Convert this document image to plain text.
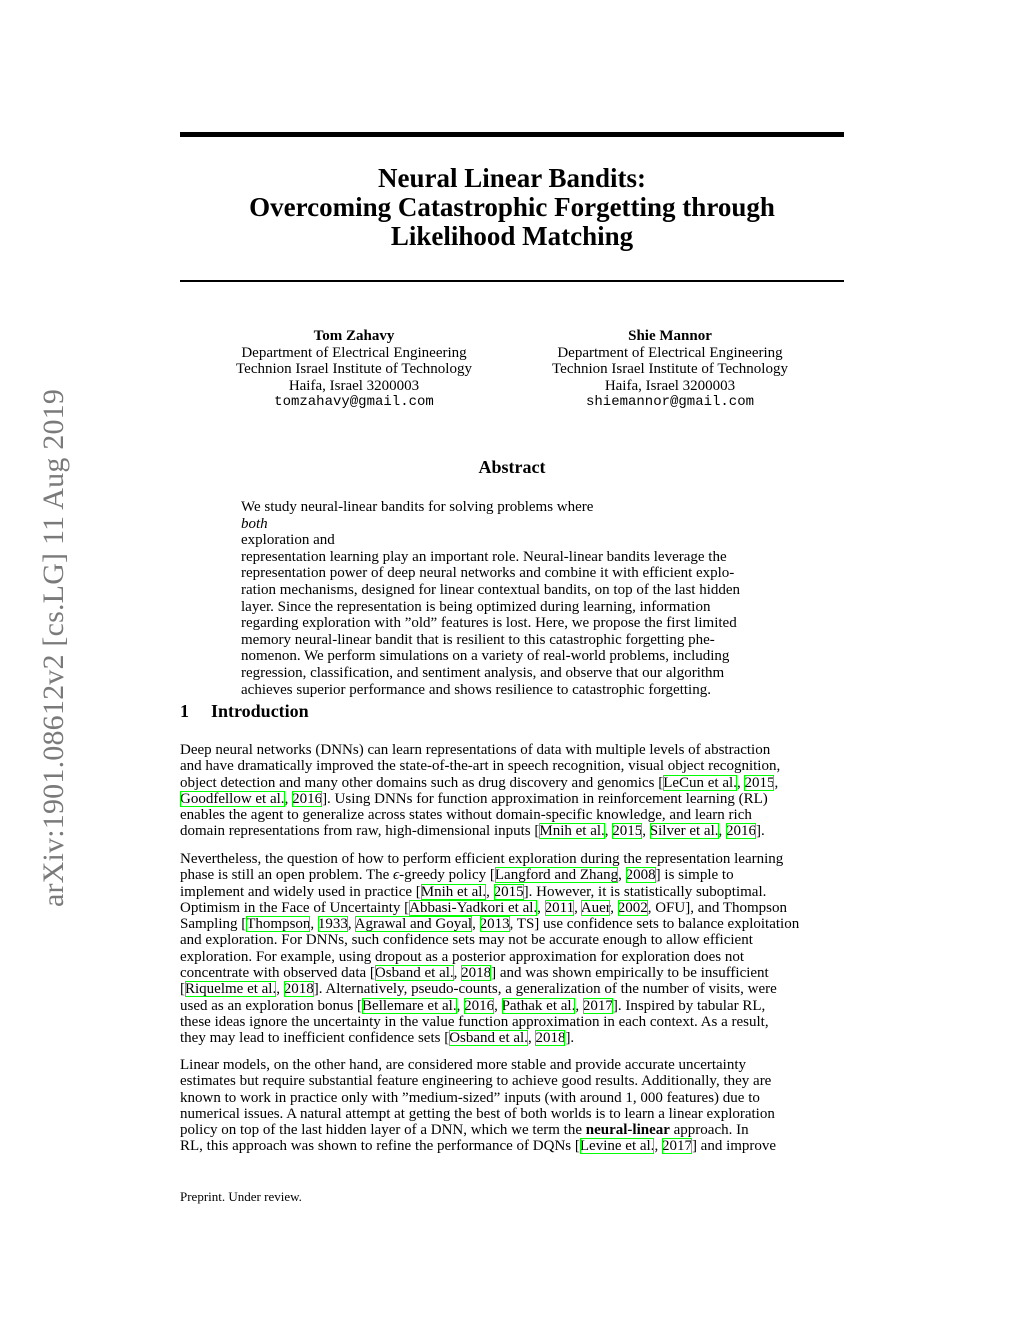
arXiv:1901.08612v2 [cs.LG] 11 Aug 2019
Neural Linear Bandits:
Overcoming Catastrophic Forgetting through
Likelihood Matching
Tom Zahavy
Department of Electrical Engineering
Technion Israel Institute of Technology
Haifa, Israel 3200003
tomzahavy@gmail.com
Shie Mannor
Department of Electrical Engineering
Technion Israel Institute of Technology
Haifa, Israel 3200003
shiemannor@gmail.com
Abstract
We study neural-linear bandits for solving problems where
both
exploration and
representation learning play an important role. Neural-linear bandits leverage the
representation power of deep neural networks and combine it with efficient explo-
ration mechanisms, designed for linear contextual bandits, on top of the last hidden
layer. Since the representation is being optimized during learning, information
regarding exploration with ”old” features is lost. Here, we propose the first limited
memory neural-linear bandit that is resilient to this catastrophic forgetting phe-
nomenon. We perform simulations on a variety of real-world problems, including
regression, classification, and sentiment analysis, and observe that our algorithm
achieves superior performance and shows resilience to catastrophic forgetting.
1 Introduction
Deep neural networks (DNNs) can learn representations of data with multiple levels of abstraction
and have dramatically improved the state-of-the-art in speech recognition, visual object recognition,
object detection and many other domains such as drug discovery and genomics [LeCun et al., 2015,
Goodfellow et al., 2016]. Using DNNs for function approximation in reinforcement learning (RL)
enables the agent to generalize across states without domain-specific knowledge, and learn rich
domain representations from raw, high-dimensional inputs [Mnih et al., 2015, Silver et al., 2016].
Nevertheless, the question of how to perform efficient exploration during the representation learning
phase is still an open problem. The ϵ-greedy policy [Langford and Zhang, 2008] is simple to
implement and widely used in practice [Mnih et al., 2015]. However, it is statistically suboptimal.
Optimism in the Face of Uncertainty [Abbasi-Yadkori et al., 2011, Auer, 2002, OFU], and Thompson
Sampling [Thompson, 1933, Agrawal and Goyal, 2013, TS] use confidence sets to balance exploitation
and exploration. For DNNs, such confidence sets may not be accurate enough to allow efficient
exploration. For example, using dropout as a posterior approximation for exploration does not
concentrate with observed data [Osband et al., 2018] and was shown empirically to be insufficient
[Riquelme et al., 2018]. Alternatively, pseudo-counts, a generalization of the number of visits, were
used as an exploration bonus [Bellemare et al., 2016, Pathak et al., 2017]. Inspired by tabular RL,
these ideas ignore the uncertainty in the value function approximation in each context. As a result,
they may lead to inefficient confidence sets [Osband et al., 2018].
Linear models, on the other hand, are considered more stable and provide accurate uncertainty
estimates but require substantial feature engineering to achieve good results. Additionally, they are
known to work in practice only with ”medium-sized” inputs (with around 1, 000 features) due to
numerical issues. A natural attempt at getting the best of both worlds is to learn a linear exploration
policy on top of the last hidden layer of a DNN, which we term the neural-linear approach. In
RL, this approach was shown to refine the performance of DQNs [Levine et al., 2017] and improve
Preprint. Under review.
